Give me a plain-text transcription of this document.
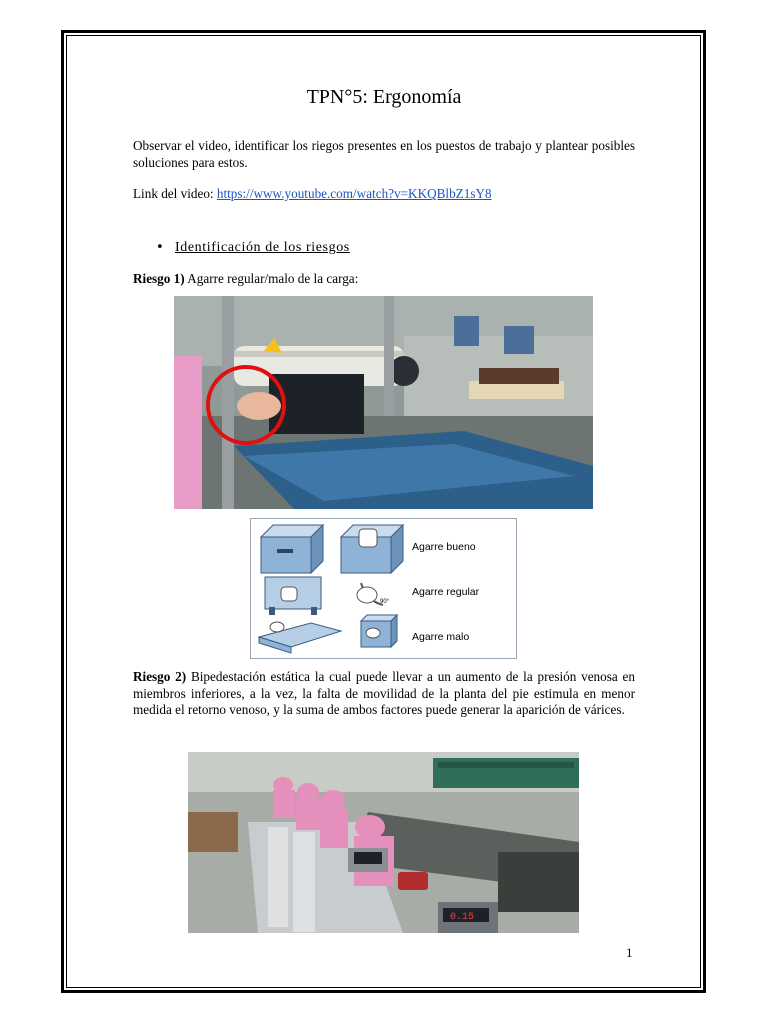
TPN°5: Ergonomía
Observar el video, identificar los riegos presentes en los puestos de trabajo y plantear posibles soluciones para estos.
Link del video: https://www.youtube.com/watch?v=KKQBlbZ1sY8
• Identificación de los riesgos
Riesgo 1) Agarre regular/malo de la carga:
Agarre bueno
Agarre regular
90°
Agarre malo
Riesgo 2) Bipedestación estática la cual puede llevar a un aumento de la presión venosa en miembros inferiores, a la vez, la falta de movilidad de la planta del pie estimula en menor medida el retorno venoso, y la suma de ambos factores puede generar la aparición de várices.
0.15
1
